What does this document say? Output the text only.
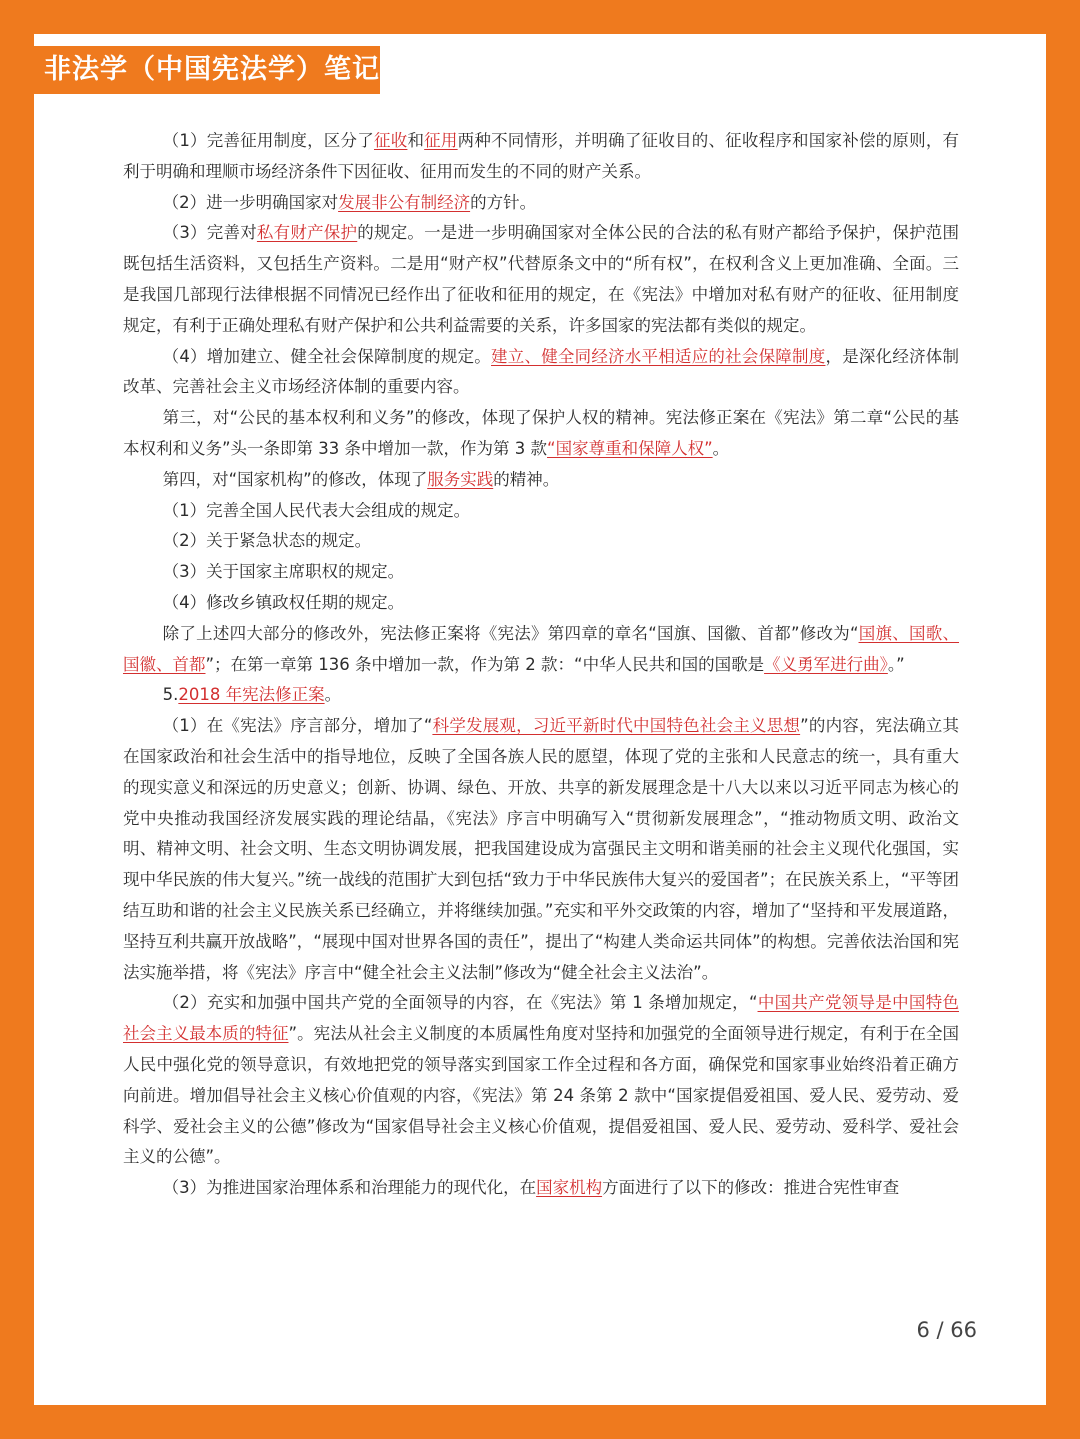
非法学（中国宪法学）笔记

（1）完善征用制度，区分了征收和征用两种不同情形，并明确了征收目的、征收程序和国家补偿的原则，有利于明确和理顺市场经济条件下因征收、征用而发生的不同的财产关系。

（2）进一步明确国家对发展非公有制经济的方针。

（3）完善对私有财产保护的规定。一是进一步明确国家对全体公民的合法的私有财产都给予保护，保护范围既包括生活资料，又包括生产资料。二是用“财产权”代替原条文中的“所有权”，在权利含义上更加准确、全面。三是我国几部现行法律根据不同情况已经作出了征收和征用的规定，在《宪法》中增加对私有财产的征收、征用制度规定，有利于正确处理私有财产保护和公共利益需要的关系，许多国家的宪法都有类似的规定。

（4）增加建立、健全社会保障制度的规定。建立、健全同经济水平相适应的社会保障制度，是深化经济体制改革、完善社会主义市场经济体制的重要内容。

第三，对“公民的基本权利和义务”的修改，体现了保护人权的精神。宪法修正案在《宪法》第二章“公民的基本权利和义务”头一条即第 33 条中增加一款，作为第 3 款“国家尊重和保障人权”。

第四，对“国家机构”的修改，体现了服务实践的精神。

（1）完善全国人民代表大会组成的规定。

（2）关于紧急状态的规定。

（3）关于国家主席职权的规定。

（4）修改乡镇政权任期的规定。

除了上述四大部分的修改外，宪法修正案将《宪法》第四章的章名“国旗、国徽、首都”修改为“国旗、国歌、国徽、首都”；在第一章第 136 条中增加一款，作为第 2 款：“中华人民共和国的国歌是《义勇军进行曲》。”

5.2018 年宪法修正案。

（1）在《宪法》序言部分，增加了“科学发展观，习近平新时代中国特色社会主义思想”的内容，宪法确立其在国家政治和社会生活中的指导地位，反映了全国各族人民的愿望，体现了党的主张和人民意志的统一，具有重大的现实意义和深远的历史意义；创新、协调、绿色、开放、共享的新发展理念是十八大以来以习近平同志为核心的党中央推动我国经济发展实践的理论结晶，《宪法》序言中明确写入“贯彻新发展理念”，“推动物质文明、政治文明、精神文明、社会文明、生态文明协调发展，把我国建设成为富强民主文明和谐美丽的社会主义现代化强国，实现中华民族的伟大复兴。”统一战线的范围扩大到包括“致力于中华民族伟大复兴的爱国者”；在民族关系上，“平等团结互助和谐的社会主义民族关系已经确立，并将继续加强。”充实和平外交政策的内容，增加了“坚持和平发展道路，坚持互利共赢开放战略”，“展现中国对世界各国的责任”，提出了“构建人类命运共同体”的构想。完善依法治国和宪法实施举措，将《宪法》序言中“健全社会主义法制”修改为“健全社会主义法治”。

（2）充实和加强中国共产党的全面领导的内容，在《宪法》第 1 条增加规定，“中国共产党领导是中国特色社会主义最本质的特征”。宪法从社会主义制度的本质属性角度对坚持和加强党的全面领导进行规定，有利于在全国人民中强化党的领导意识，有效地把党的领导落实到国家工作全过程和各方面，确保党和国家事业始终沿着正确方向前进。增加倡导社会主义核心价值观的内容，《宪法》第 24 条第 2 款中“国家提倡爱祖国、爱人民、爱劳动、爱科学、爱社会主义的公德”修改为“国家倡导社会主义核心价值观，提倡爱祖国、爱人民、爱劳动、爱科学、爱社会主义的公德”。

（3）为推进国家治理体系和治理能力的现代化，在国家机构方面进行了以下的修改：推进合宪性审查

6 / 66
